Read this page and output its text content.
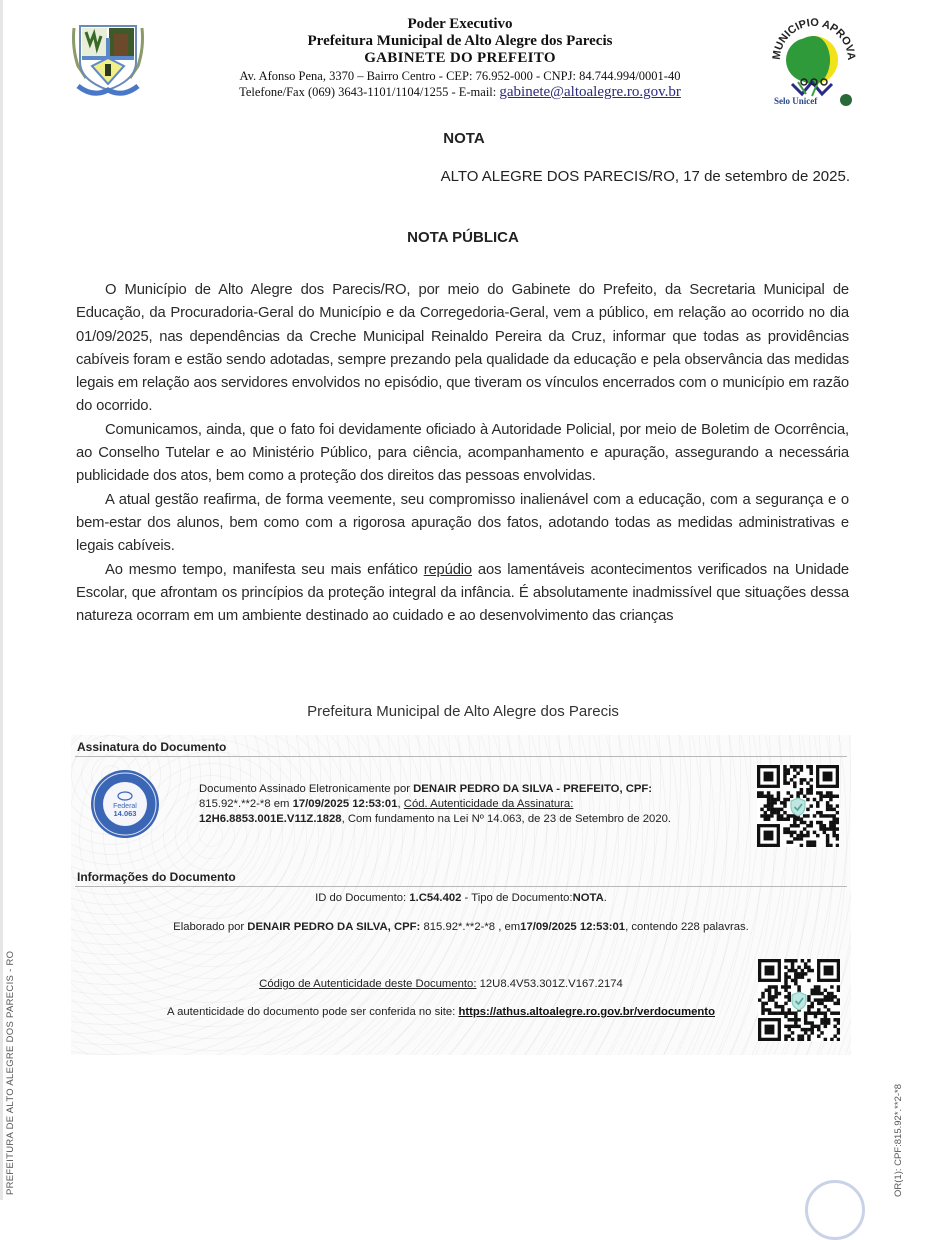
Poder Executivo
Prefeitura Municipal de Alto Alegre dos Parecis
GABINETE DO PREFEITO
Av. Afonso Pena, 3370 – Bairro Centro - CEP: 76.952-000 - CNPJ: 84.744.994/0001-40
Telefone/Fax (069) 3643-1101/1104/1255 - E-mail: gabinete@altoalegre.ro.gov.br
MUNICIPIO APROVA
Selo Unicef
NOTA
ALTO ALEGRE DOS PARECIS/RO, 17 de setembro de 2025.
NOTA PÚBLICA

O Município de Alto Alegre dos Parecis/RO, por meio do Gabinete do Prefeito, da Secretaria Municipal de Educação, da Procuradoria-Geral do Município e da Corregedoria-Geral, vem a público, em relação ao ocorrido no dia 01/09/2025, nas dependências da Creche Municipal Reinaldo Pereira da Cruz, informar que todas as providências cabíveis foram e estão sendo adotadas, sempre prezando pela qualidade da educação e pela observância das medidas legais em relação aos servidores envolvidos no episódio, que tiveram os vínculos encerrados com o município em razão do ocorrido.

Comunicamos, ainda, que o fato foi devidamente oficiado à Autoridade Policial, por meio de Boletim de Ocorrência, ao Conselho Tutelar e ao Ministério Público, para ciência, acompanhamento e apuração, assegurando a necessária publicidade dos atos, bem como a proteção dos direitos das pessoas envolvidas.

A atual gestão reafirma, de forma veemente, seu compromisso inalienável com a educação, com a segurança e o bem-estar dos alunos, bem como com a rigorosa apuração dos fatos, adotando todas as medidas administrativas e legais cabíveis.

Ao mesmo tempo, manifesta seu mais enfático repúdio aos lamentáveis acontecimentos verificados na Unidade Escolar, que afrontam os princípios da proteção integral da infância. É absolutamente inadmissível que situações dessa natureza ocorram em um ambiente destinado ao cuidado e ao desenvolvimento das crianças

Prefeitura Municipal de Alto Alegre dos Parecis
Assinatura do Documento
Federal
14.063
Documento Assinado Eletronicamente por DENAIR PEDRO DA SILVA - PREFEITO, CPF:
815.92*.**2-*8 em 17/09/2025 12:53:01, Cód. Autenticidade da Assinatura:
12H6.8853.001E.V11Z.1828, Com fundamento na Lei Nº 14.063, de 23 de Setembro de 2020.
Informações do Documento
ID do Documento: 1.C54.402 - Tipo de Documento:NOTA.
Elaborado por DENAIR PEDRO DA SILVA, CPF: 815.92*.**2-*8 , em17/09/2025 12:53:01, contendo 228 palavras.
Código de Autenticidade deste Documento: 12U8.4V53.301Z.V167.2174
A autenticidade do documento pode ser conferida no site: https://athus.altoalegre.ro.gov.br/verdocumento
PREFEITURA DE ALTO ALEGRE DOS PARECIS - RO	OR(1): CPF:815.92*.**2-*8
